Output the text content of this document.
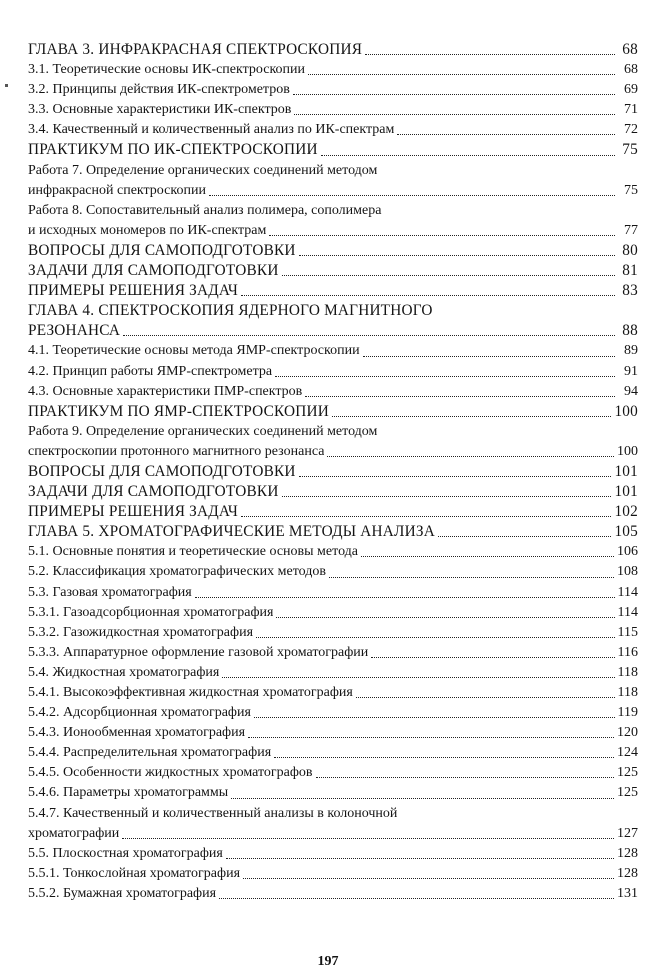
ГЛАВА 3. ИНФРАКРАСНАЯ СПЕКТРОСКОПИЯ	68
3.1. Теоретические основы ИК-спектроскопии	68
3.2. Принципы действия ИК-спектрометров	69
3.3. Основные характеристики ИК-спектров	71
3.4. Качественный и количественный анализ по ИК-спектрам	72
ПРАКТИКУМ ПО ИК-СПЕКТРОСКОПИИ	75
Работа 7. Определение органических соединений методом
инфракрасной спектроскопии	75
Работа 8. Сопоставительный анализ полимера, сополимера
и исходных мономеров по ИК-спектрам	77
ВОПРОСЫ ДЛЯ САМОПОДГОТОВКИ	80
ЗАДАЧИ ДЛЯ САМОПОДГОТОВКИ	81
ПРИМЕРЫ РЕШЕНИЯ ЗАДАЧ	83
ГЛАВА 4. СПЕКТРОСКОПИЯ ЯДЕРНОГО МАГНИТНОГО
РЕЗОНАНСА	88
4.1. Теоретические основы метода ЯМР-спектроскопии	89
4.2. Принцип работы ЯМР-спектрометра	91
4.3. Основные характеристики ПМР-спектров	94
ПРАКТИКУМ ПО ЯМР-СПЕКТРОСКОПИИ	100
Работа 9. Определение органических соединений методом
спектроскопии протонного магнитного резонанса	100
ВОПРОСЫ ДЛЯ САМОПОДГОТОВКИ	101
ЗАДАЧИ ДЛЯ САМОПОДГОТОВКИ	101
ПРИМЕРЫ РЕШЕНИЯ ЗАДАЧ	102
ГЛАВА 5. ХРОМАТОГРАФИЧЕСКИЕ МЕТОДЫ АНАЛИЗА	105
5.1. Основные понятия и теоретические основы метода	106
5.2. Классификация хроматографических методов	108
5.3. Газовая хроматография	114
5.3.1. Газоадсорбционная хроматография	114
5.3.2. Газожидкостная хроматография	115
5.3.3. Аппаратурное оформление газовой хроматографии	116
5.4. Жидкостная хроматография	118
5.4.1. Высокоэффективная жидкостная хроматография	118
5.4.2. Адсорбционная хроматография	119
5.4.3. Ионообменная хроматография	120
5.4.4. Распределительная хроматография	124
5.4.5. Особенности жидкостных хроматографов	125
5.4.6. Параметры хроматограммы	125
5.4.7. Качественный и количественный анализы в колоночной
хроматографии	127
5.5. Плоскостная хроматография	128
5.5.1. Тонкослойная хроматография	128
5.5.2. Бумажная хроматография	131
197
